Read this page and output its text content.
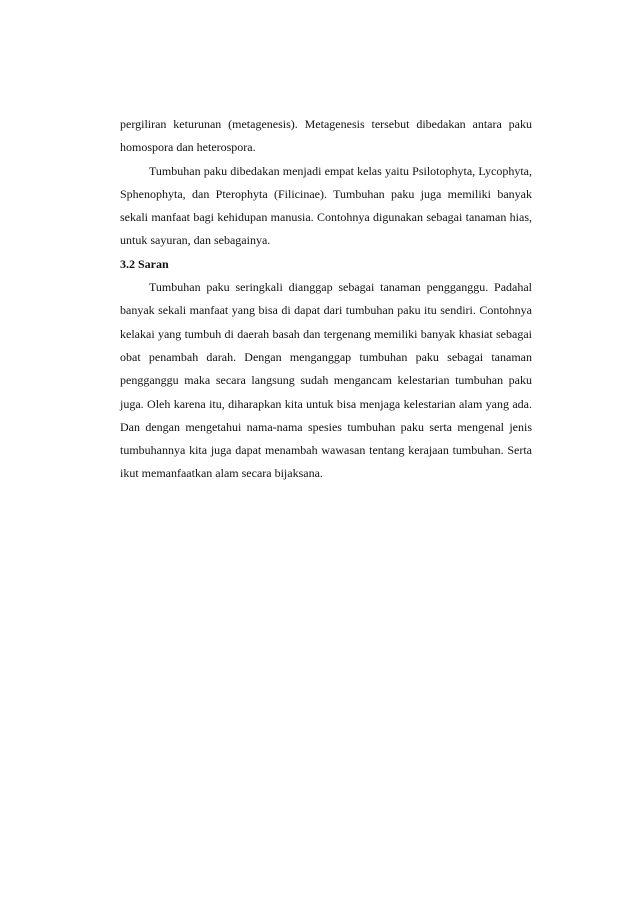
pergiliran keturunan (metagenesis). Metagenesis tersebut dibedakan antara paku homospora dan heterospora.

Tumbuhan paku dibedakan menjadi empat kelas yaitu Psilotophyta, Lycophyta, Sphenophyta, dan Pterophyta (Filicinae). Tumbuhan paku juga memiliki banyak sekali manfaat bagi kehidupan manusia. Contohnya digunakan sebagai tanaman hias, untuk sayuran, dan sebagainya.

3.2 Saran

Tumbuhan paku seringkali dianggap sebagai tanaman pengganggu. Padahal banyak sekali manfaat yang bisa di dapat dari tumbuhan paku itu sendiri. Contohnya kelakai yang tumbuh di daerah basah dan tergenang memiliki banyak khasiat sebagai obat penambah darah. Dengan menganggap tumbuhan paku sebagai tanaman pengganggu maka secara langsung sudah mengancam kelestarian tumbuhan paku juga. Oleh karena itu, diharapkan kita untuk bisa menjaga kelestarian alam yang ada. Dan dengan mengetahui nama-nama spesies tumbuhan paku serta mengenal jenis tumbuhannya kita juga dapat menambah wawasan tentang kerajaan tumbuhan. Serta ikut memanfaatkan alam secara bijaksana.
